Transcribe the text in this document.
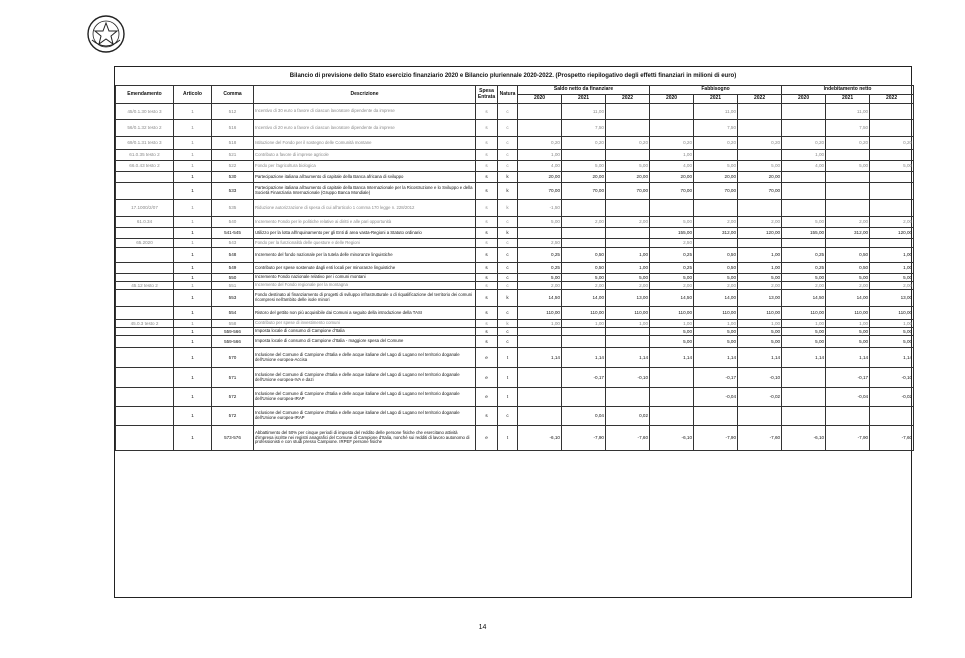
Bilancio di previsione dello Stato esercizio finanziario 2020 e Bilancio pluriennale 2020-2022. (Prospetto riepilogativo degli effetti finanziari in milioni di euro)
Emendamento	Articolo	Comma	Descrizione	Spesa Entrata	Natura	Saldo netto da finanziare			Fabbisogno			Indebitamento netto		
						2020	2021	2022	2020	2021	2022	2020	2021	2022
45/0.1.30 testo 3	1	512	Incentivo di 30 euro a favore di ciascun lavoratore dipendente da imprese	s	c		11,00			11,00			11,00	
56/0.1.32 testo 2	1	516	Incentivo di 20 euro a favore di ciascun lavoratore dipendente da imprese	s	c		7,50			7,50			7,50	
69/0.1.31 testo 3	1	518	Istituzione del Fondo per il sostegno delle Comunità montane	s	c	0,20	0,20	0,20	0,20	0,20	0,20	0,20	0,20	0,20
61.0.35 testo 2	1	521	Contributo a favore di imprese agricole	s	c	1,00			1,00			1,00		
66.0.43 testo 2	1	522	Fondo per l'agricoltura biologica	s	c	4,00	5,00	5,00	4,00	5,00	5,00	4,00	5,00	5,00
	1	530	Partecipazione italiana all'aumento di capitale della Banca africana di sviluppo	s	k	20,00	20,00	20,00	20,00	20,00	20,00			
	1	533	Partecipazione italiana all'aumento di capitale della Banca Internazionale per la Ricostruzione e lo Sviluppo e della Società Finanziaria Internazionale (Gruppo Banca Mondiale)	s	k	70,00	70,00	70,00	70,00	70,00	70,00			
17.1000/2/07	1	535	Riduzione autorizzazione di spesa di cui all'articolo 1 comma 170 legge n. 228/2012	s	k	-1,50								
61.0.34	1	540	Incremento Fondo per le politiche relative ai diritti e alle pari opportunità	s	c	5,00	2,00	2,00	5,00	2,00	2,00	5,00	2,00	2,00
	1	541-545	Utilizzo per la lotta all'inquinamento per gli Enti di area vasta-Regioni a Statuto ordinario	s	k				155,00	312,00	120,00	155,00	312,00	120,00
65.2020	1	543	Fondo per la funzionalità delle questure e delle Regioni	s	c	2,50			2,50					
	1	548	Incremento del fondo nazionale per la tutela delle minoranze linguistiche	s	c	0,25	0,50	1,00	0,25	0,50	1,00	0,25	0,50	1,00
	1	549	Contributo per spese sostenute dagli enti locali per minoranze linguistiche	s	c	0,25	0,50	1,00	0,25	0,50	1,00	0,25	0,50	1,00
	1	550	Incremento Fondo nazionale relativo per i comuni montani	s	c	5,00	5,00	5,00	5,00	5,00	5,00	5,00	5,00	5,00
45.12 testo 2	1	551	Incremento del Fondo regionale per la montagna	s	c	2,00	2,00	2,00	2,00	2,00	2,00	2,00	2,00	2,00
	1	553	Fondo destinato al finanziamento di progetti di sviluppo infrastrutturale o di riqualificazione del territorio dei comuni ricompresi nell'ambito delle isole minori	s	k	14,50	14,00	13,00	14,50	14,00	13,00	14,50	14,00	13,00
	1	554	Ristoro del gettito non più acquisibile dai Comuni a seguito della introduzione della TASI	s	c	110,00	110,00	110,00	110,00	110,00	110,00	110,00	110,00	110,00
45.0.3 testo 2	1	558	Contributo per spese di investimento comuni	s	k	1,00	1,00	1,00	1,00	1,00	1,00	1,00	1,00	1,00
	1	559-566	Imposta locale di consumo di Campione d'Italia	s	c				5,00	5,00	5,00	5,00	5,00	5,00
	1	559-566	Imposta locale di consumo di Campione d'Italia - maggiore spesa del Comune	s	c				5,00	5,00	5,00	5,00	5,00	5,00
	1	570	Inclusione del Comune di Campione d'Italia e delle acque italiane del Lago di Lugano nel territorio doganale dell'Unione europea-Accisa	e	t	1,14	1,14	1,14	1,14	1,14	1,14	1,14	1,14	1,14
	1	571	Inclusione del Comune di Campione d'Italia e delle acque italiane del Lago di Lugano nel territorio doganale dell'Unione europea-IVA e dazi	e	t		-0,17	-0,10		-0,17	-0,10		-0,17	-0,10
	1	572	Inclusione del Comune di Campione d'Italia e delle acque italiane del Lago di Lugano nel territorio doganale dell'Unione europea-IRAP	e	t					-0,04	-0,02		-0,04	-0,02
	1	572	Inclusione del Comune di Campione d'Italia e delle acque italiane del Lago di Lugano nel territorio doganale dell'Unione europea-IRAP	s	c		0,04	0,02						
	1	573-576	Abbattimento del 50% per cinque periodi di imposta del reddito delle persone fisiche che esercitano attività d'impresa iscritte nei registri anagrafici del Comune di Campione d'Italia, nonché sui redditi di lavoro autonomo di professionisti e con studi presso Campione. IRPEF persone fisiche	e	t	-6,10	-7,90	-7,60	-6,10	-7,90	-7,60	-6,10	-7,90	-7,60
14
